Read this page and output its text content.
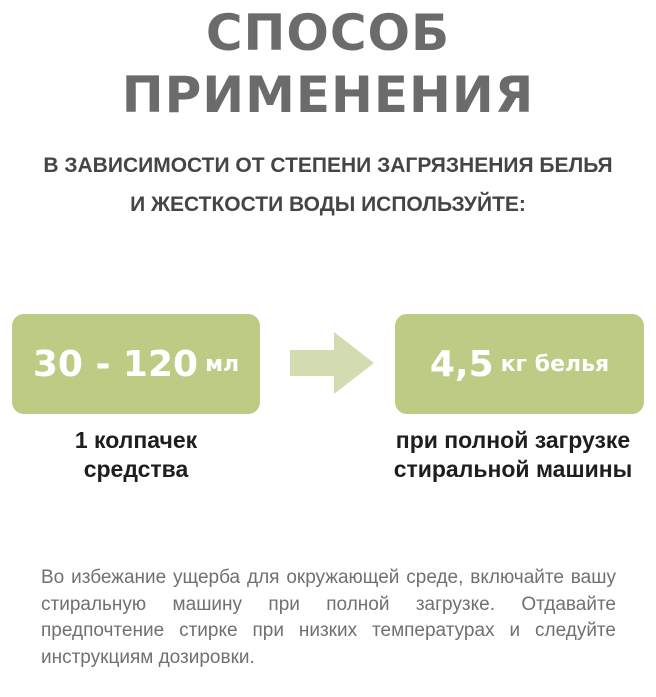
СПОСОБ
ПРИМЕНЕНИЯ
В ЗАВИСИМОСТИ ОТ СТЕПЕНИ ЗАГРЯЗНЕНИЯ БЕЛЬЯ
И ЖЕСТКОСТИ ВОДЫ ИСПОЛЬЗУЙТЕ:
30 - 120 мл	4,5 кг белья
1 колпачек
средства
при полной загрузке
стиральной машины
Во избежание ущерба для окружающей среде, включайте вашу стиральную машину при полной загрузке. Отдавайте предпочтение стирке при низких температурах и следуйте инструкциям дозировки.
